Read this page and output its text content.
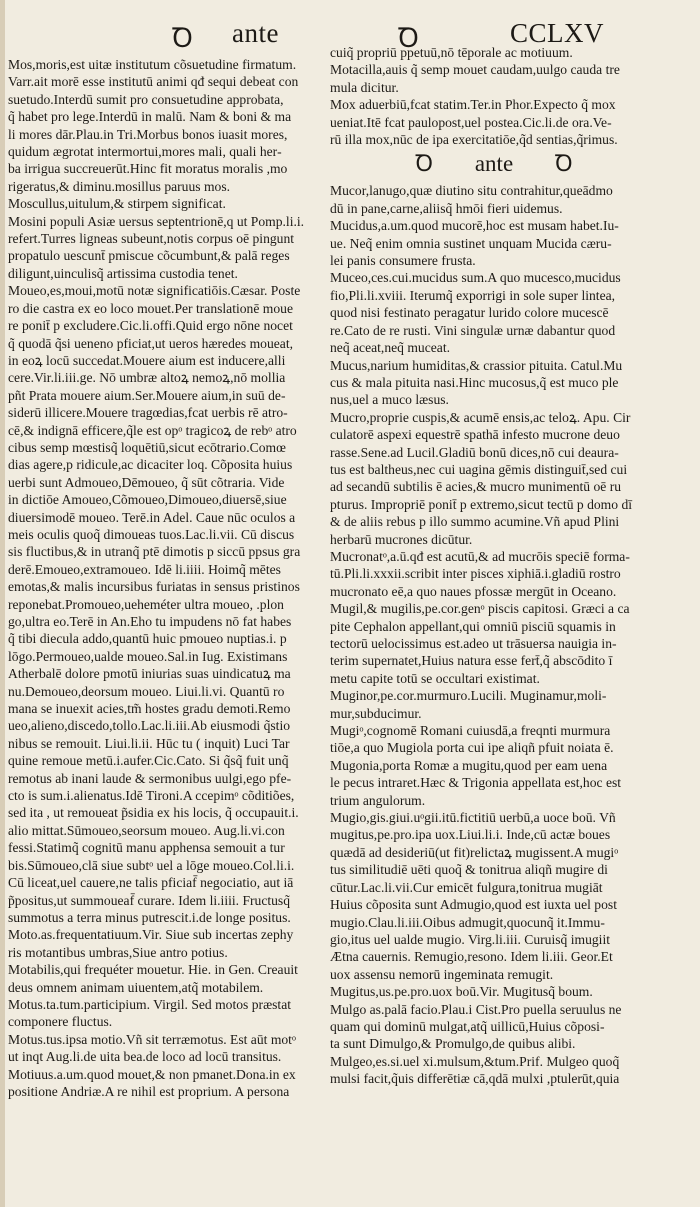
Ꝺ ante	Ꝺ	CCLXV
Mos,moris,est uitæ institutum cõsuetudine firmatum.
Varr.ait morē esse institutū animi qđ sequi debeat con
suetudo.Interdū sumit pro consuetudine approbata,
q̃ habet pro lege.Interdū in malū. Nam & boni & ma
li mores dār.Plau.in Tri.Morbus bonos iuasit mores,
quidum ægrotat intermortui,mores mali, quali her‑
ba irrigua succreuerūt.Hinc fit moratus moralis ,mo
rigeratus,& diminu.mosillus paruus mos.
Moscullus,uitulum,& stirpem significat.
Mosini populi Asiæ uersus septentrionē,q ut Pomp.li.i.
refert.Turres ligneas subeunt,notis corpus oē pingunt
propatulo uescunt̄ pmiscue cõcumbunt,& palā reges
diligunt,uinculisq̃ artissima custodia tenet.
Moueo,es,moui,motū notæ significatiōis.Cæsar. Poste
ro die castra ex eo loco mouet.Per translationē moue
re ponit̄ p excludere.Cic.li.offi.Quid ergo nōne nocet
q̃ quodā q̃si ueneno pficiat,ut ueros hæredes moueat,
in eoꝝ locū succedat.Mouere aium est inducere,alli
cere.Vir.li.iii.ge. Nō umbræ altoꝝ nemoꝝ,nō mollia
pñt Prata mouere aium.Ser.Mouere aium,in suū de‑
siderū illicere.Mouere tragœdias,fcat uerbis rē atro‑
cē,& indignā efficere,q̃le est opᵒ tragicoꝝ de rebᵒ atro
cibus semp mœstisq̃ loquētiū,sicut ecōtrario.Comœ
dias agere,p ridicule,ac dicaciter loq. Cõposita huius
uerbi sunt Admoueo,Dēmoueo, q̃ sūt cõtraria. Vide
in dictiōe Amoueo,Cõmoueo,Dimoueo,diuersē,siue
diuersimodē moueo. Terē.in Adel. Caue nūc oculos a
meis oculis quoq̃ dimoueas tuos.Lac.li.vii. Cū discus
sis fluctibus,& in utranq̃ ptē dimotis p siccū ppsus gra
derē.Emoueo,extramoueo. Idē li.iiii. Hoimq̃ mētes
emotas,& malis incursibus furiatas in sensus pristinos
reponebat.Promoueo,ueheméter ultra moueo, .plon
go,ultra eo.Terē in An.Eho tu impudens nō fat habes
q̃ tibi diecula addo,quantū huic pmoueo nuptias.i. p
lōgo.Permoueo,ualde moueo.Sal.in Iug. Existimans
Atherbalē dolore pmotū iniurias suas uindicatuꝝ ma
nu.Demoueo,deorsum moueo. Liui.li.vi. Quantū ro
mana se inuexit acies,tm̃ hostes gradu demoti.Remo
ueo,alieno,discedo,tollo.Lac.li.iii.Ab eiusmodi q̃stio
nibus se remouit. Liui.li.ii. Hūc tu ( inquit) Luci Tar
quine remoue metū.i.aufer.Cic.Cato. Si q̃sq̃ fuit unq̃
remotus ab inani laude & sermonibus uulgi,ego pfe‑
cto is sum.i.alienatus.Idē Tironi.A ccepimᵒ cõditiões,
sed ita , ut remoueat p̃sidia ex his locis, q̃ occupauit.i.
alio mittat.Sūmoueo,seorsum moueo. Aug.li.vi.con
fessi.Statimq̃ cognitū manu apphensa semouit a tur
bis.Sūmoueo,clā siue subtᵒ uel a lōge moueo.Col.li.i.
Cū liceat,uel cauere,ne talis pficiaf̄ negociatio, aut iā
p̃positus,ut summoueaf̄ curare. Idem li.iiii. Fructusq̃
summotus a terra minus putrescit.i.de longe positus.
Moto.as.frequentatiuum.Vir. Siue sub incertas zephy
ris motantibus umbras,Siue antro potius.
Motabilis,qui frequéter mouetur. Hie. in Gen. Creauit
deus omnem animam uiuentem,atq̃ motabilem.
Motus.ta.tum.participium. Virgil. Sed motos præstat
componere fluctus.
Motus.tus.ipsa motio.Vñ sit terræmotus. Est aūt motᵒ
ut inqt Aug.li.de uita bea.de loco ad locū transitus.
Motiuus.a.um.quod mouet,& non pmanet.Dona.in ex
positione Andriæ.A re nihil est proprium. A persona
cuiq̃ propriū ppetuū,nō tēporale ac motiuum.
Motacilla,auis q̃ semp mouet caudam,uulgo cauda tre
mula dicitur.
Mox aduerbiū,fcat statim.Ter.in Phor.Expecto q̃ mox
ueniat.Itē fcat paulopost,uel postea.Cic.li.de ora.Ve‑
rū illa mox,nūc de ipa exercitatiōe,q̃d sentias,q̃rimus.
Ꝺ ante Ꝺ
Mucor,lanugo,quæ diutino situ contrahitur,queādmo
dū in pane,carne,aliisq̃ hmōi fieri uidemus.
Mucidus,a.um.quod mucorē,hoc est musam habet.Iu‑
ue. Neq̃ enim omnia sustinet unquam Mucida cæru‑
lei panis consumere frusta.
Muceo,ces.cui.mucidus sum.A quo mucesco,mucidus
fio,Pli.li.xviii. Iterumq̃ exporrigi in sole super lintea,
quod nisi festinato peragatur lurido colore mucescē
re.Cato de re rusti. Vini singulæ urnæ dabantur quod
neq̃ aceat,neq̃ muceat.
Mucus,narium humiditas,& crassior pituita. Catul.Mu
cus & mala pituita nasi.Hinc mucosus,q̃ est muco ple
nus,uel a muco læsus.
Mucro,proprie cuspis,& acumē ensis,ac teloꝝ. Apu. Cir
culatorē aspexi equestrē spathā infesto mucrone deuo
rasse.Sene.ad Lucil.Gladiū bonū dices,nō cui deaura‑
tus est baltheus,nec cui uagina gēmis distinguit̄,sed cui
ad secandū subtilis ē acies,& mucro munimentū oē ru
pturus. Impropriē ponit̄ p extremo,sicut tectū p domo dī
& de aliis rebus p illo summo acumine.Vñ apud Plini
herbarū mucrones dicūtur.
Mucronatᵒ,a.ū.qđ est acutū,& ad mucrōis speciē forma‑
tū.Pli.li.xxxii.scribit inter pisces xiphiā.i.gladiū rostro
mucronato eē,a quo naues pfossæ mergūt in Oceano.
Mugil,& mugilis,pe.cor.genᵒ piscis capitosi. Græci a ca
pite Cephalon appellant,qui omniū pisciū squamis in
tectorū uelocissimus est.adeo ut trāsuersa nauigia in‑
terim supernatet,Huius natura esse fert̄,q̃ abscōdito ī
metu capite totū se occultari existimat.
Muginor,pe.cor.murmuro.Lucili. Muginamur,moli‑
mur,subducimur.
Mugiᵒ,cognomē Romani cuiusdā,a freqnti murmura
tiōe,a quo Mugiola porta cui ipe aliqñ pfuit noiata ē.
Mugonia,porta Romæ a mugitu,quod per eam uena
le pecus intraret.Hæc & Trigonia appellata est,hoc est
trium angulorum.
Mugio,gis.giui.uᵒgii.itū.fictitiū uerbū,a uoce boū. Vñ
mugitus,pe.pro.ipa uox.Liui.li.i. Inde,cū actæ boues
quædā ad desideriū(ut fit)relictaꝝ mugissent.A mugiᵒ
tus similitudiē uēti quoq̃ & tonitrua aliqñ mugire di
cūtur.Lac.li.vii.Cur emicēt fulgura,tonitrua mugiāt
Huius cõposita sunt Admugio,quod est iuxta uel post
mugio.Clau.li.iii.Oibus admugit,quocunq̃ it.Immu‑
gio,itus uel ualde mugio. Virg.li.iii. Curuisq̃ imugiit
Ætna cauernis. Remugio,resono. Idem li.iii. Geor.Et
uox assensu nemorū ingeminata remugit.
Mugitus,us.pe.pro.uox boū.Vir. Mugitusq̃ boum.
Mulgo as.palā facio.Plau.i Cist.Pro puella seruulus ne
quam qui dominū mulgat,atq̃ uillicū,Huius cõposi‑
ta sunt Dimulgo,& Promulgo,de quibus alibi.
Mulgeo,es.si.uel xi.mulsum,&tum.Prif. Mulgeo quoq̃
mulsi facit,q̃uis differētiæ cā,qdā mulxi ,ptulerūt,quia
